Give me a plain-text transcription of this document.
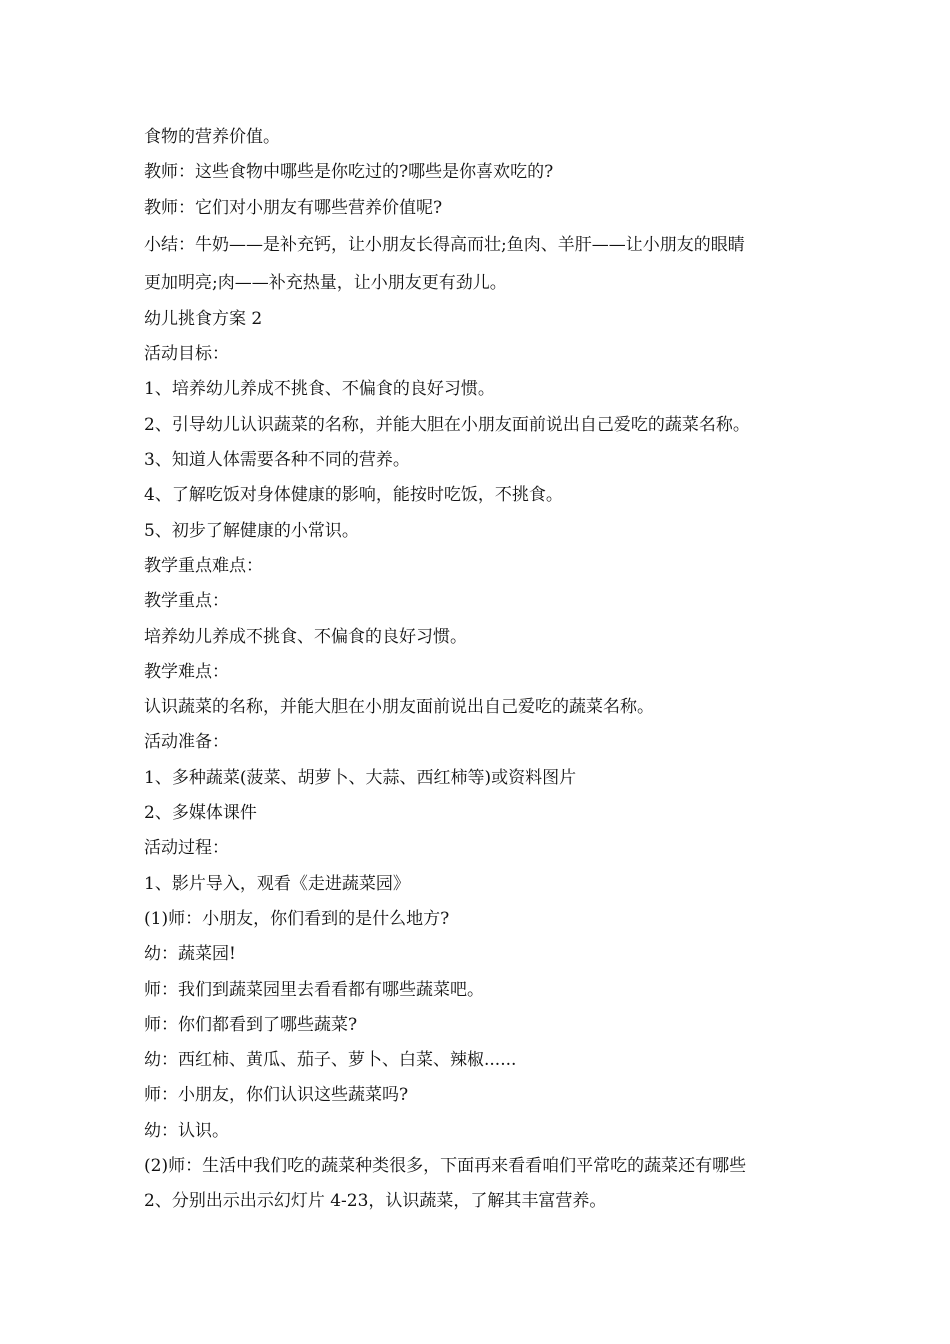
食物的营养价值。
教师：这些食物中哪些是你吃过的?哪些是你喜欢吃的?
教师：它们对小朋友有哪些营养价值呢?
小结：牛奶——是补充钙，让小朋友长得高而壮;鱼肉、羊肝——让小朋友的眼睛
更加明亮;肉——补充热量，让小朋友更有劲儿。
幼儿挑食方案 2
活动目标：
1、培养幼儿养成不挑食、不偏食的良好习惯。
2、引导幼儿认识蔬菜的名称，并能大胆在小朋友面前说出自己爱吃的蔬菜名称。
3、知道人体需要各种不同的营养。
4、了解吃饭对身体健康的影响，能按时吃饭，不挑食。
5、初步了解健康的小常识。
教学重点难点：
教学重点：
培养幼儿养成不挑食、不偏食的良好习惯。
教学难点：
认识蔬菜的名称，并能大胆在小朋友面前说出自己爱吃的蔬菜名称。
活动准备：
1、多种蔬菜(菠菜、胡萝卜、大蒜、西红柿等)或资料图片
2、多媒体课件
活动过程：
1、影片导入，观看《走进蔬菜园》
(1)师：小朋友，你们看到的是什么地方?
幼：蔬菜园!
师：我们到蔬菜园里去看看都有哪些蔬菜吧。
师：你们都看到了哪些蔬菜?
幼：西红柿、黄瓜、茄子、萝卜、白菜、辣椒......
师：小朋友，你们认识这些蔬菜吗?
幼：认识。
(2)师：生活中我们吃的蔬菜种类很多，下面再来看看咱们平常吃的蔬菜还有哪些
2、分别出示出示幻灯片 4-23，认识蔬菜，了解其丰富营养。
